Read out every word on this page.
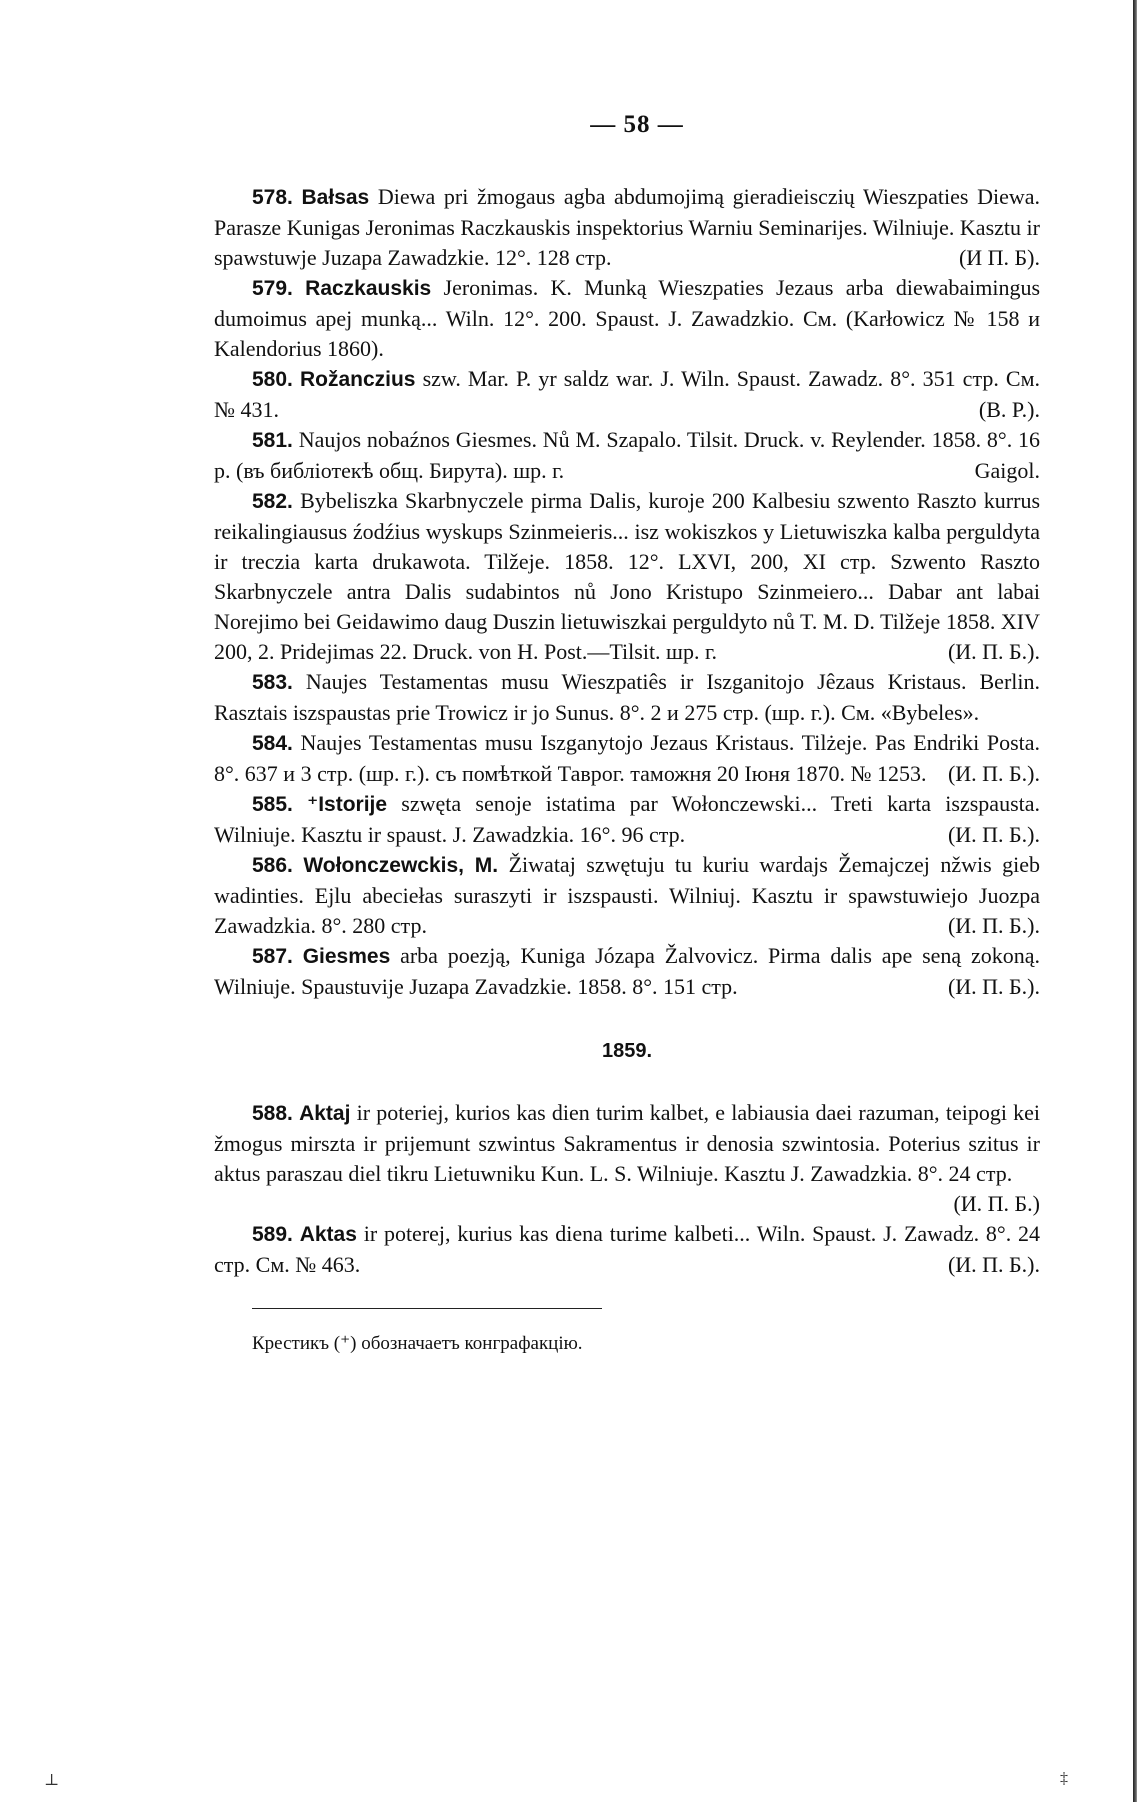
— 58 —

578. Bałsas Diewa pri žmogaus agba abdumojimą gieradieisczių Wieszpaties Diewa. Parasze Kunigas Jeronimas Raczkauskis inspektorius Warniu Seminarijes. Wilniuje. Kasztu ir spawstuwje Juzapa Zawadzkie. 12°. 128 стр.	(И П. Б).

579. Raczkauskis Jeronimas. K. Munką Wieszpaties Jezaus arba diewabaimingus dumoimus apej munką... Wiln. 12°. 200. Spaust. J. Zawadzkio. См. (Karłowicz № 158 и Kalendorius 1860).

580. Rožanczius szw. Mar. P. yr saldz war. J. Wiln. Spaust. Zawadz. 8°. 351 стр. См. № 431.	(B. P.).

581. Naujos nobaźnos Giesmes. Nů M. Szapalo. Tilsit. Druck. v. Reylender. 1858. 8°. 16 p. (въ библіотекѣ общ. Бирута). шр. г.	Gaigol.

582. Bybeliszka Skarbnyczele pirma Dalis, kuroje 200 Kalbesiu szwento Raszto kurrus reikalingiausus źodźius wyskups Szinmeieris... isz wokiszkos y Lietuwiszka kalba perguldyta ir treczia karta drukawota. Tilžeje. 1858. 12°. LXVI, 200, XI стр. Szwento Raszto Skarbnyczele antra Dalis sudabintos nů Jono Kristupo Szinmeiero... Dabar ant labai Norejimo bei Geidawimo daug Duszin lietuwiszkai perguldyto nů T. M. D. Tilžeje 1858. XIV 200, 2. Pridejimas 22. Druck. von H. Post.—Tilsit. шр. г.	(И. П. Б.).

583. Naujes Testamentas musu Wieszpatiês ir Iszganitojo Jêzaus Kristaus. Berlin. Rasztais iszspaustas prie Trowicz ir jo Sunus. 8°. 2 и 275 стр. (шр. г.). См. «Bybeles».

584. Naujes Testamentas musu Iszganytojo Jezaus Kristaus. Tilżeje. Pas Endriki Posta. 8°. 637 и 3 стр. (шр. г.). съ помѣткой Таврог. таможня 20 Іюня 1870. № 1253. (И. П. Б.).

585. ⁺Istorije szwęta senoje istatima par Wołonczewski... Treti karta iszspausta. Wilniuje. Kasztu ir spaust. J. Zawadzkia. 16°. 96 стр.	(И. П. Б.).

586. Wołonczewckis, M. Žiwataj szwętuju tu kuriu wardajs Žemajczej nžwis gieb wadinties. Ejlu abeciełas suraszyti ir iszspausti. Wilniuj. Kasztu ir spawstuwiejo Juozpa Zawadzkia. 8°. 280 стр.	(И. П. Б.).

587. Giesmes arba poezją, Kuniga Józapa Žalvovicz. Pirma dalis ape seną zokoną. Wilniuje. Spaustuvije Juzapa Zavadzkie. 1858. 8°. 151 стр.	(И. П. Б.).

1859.

588. Aktaj ir poteriej, kurios kas dien turim kalbet, e labiausia daei razuman, teipogi kei žmogus mirszta ir prijemunt szwintus Sakramentus ir denosia szwintosia. Poterius szitus ir aktus paraszau diel tikru Lietuwniku Kun. L. S. Wilniuje. Kasztu J. Zawadzkia. 8°. 24 стр.
(И. П. Б.)

589. Aktas ir poterej, kurius kas diena turime kalbeti... Wiln. Spaust. J. Zawadz. 8°. 24 стр. См. № 463.	(И. П. Б.).

Крестикъ (⁺) обозначаетъ конграфакцію.
⊥	‡
